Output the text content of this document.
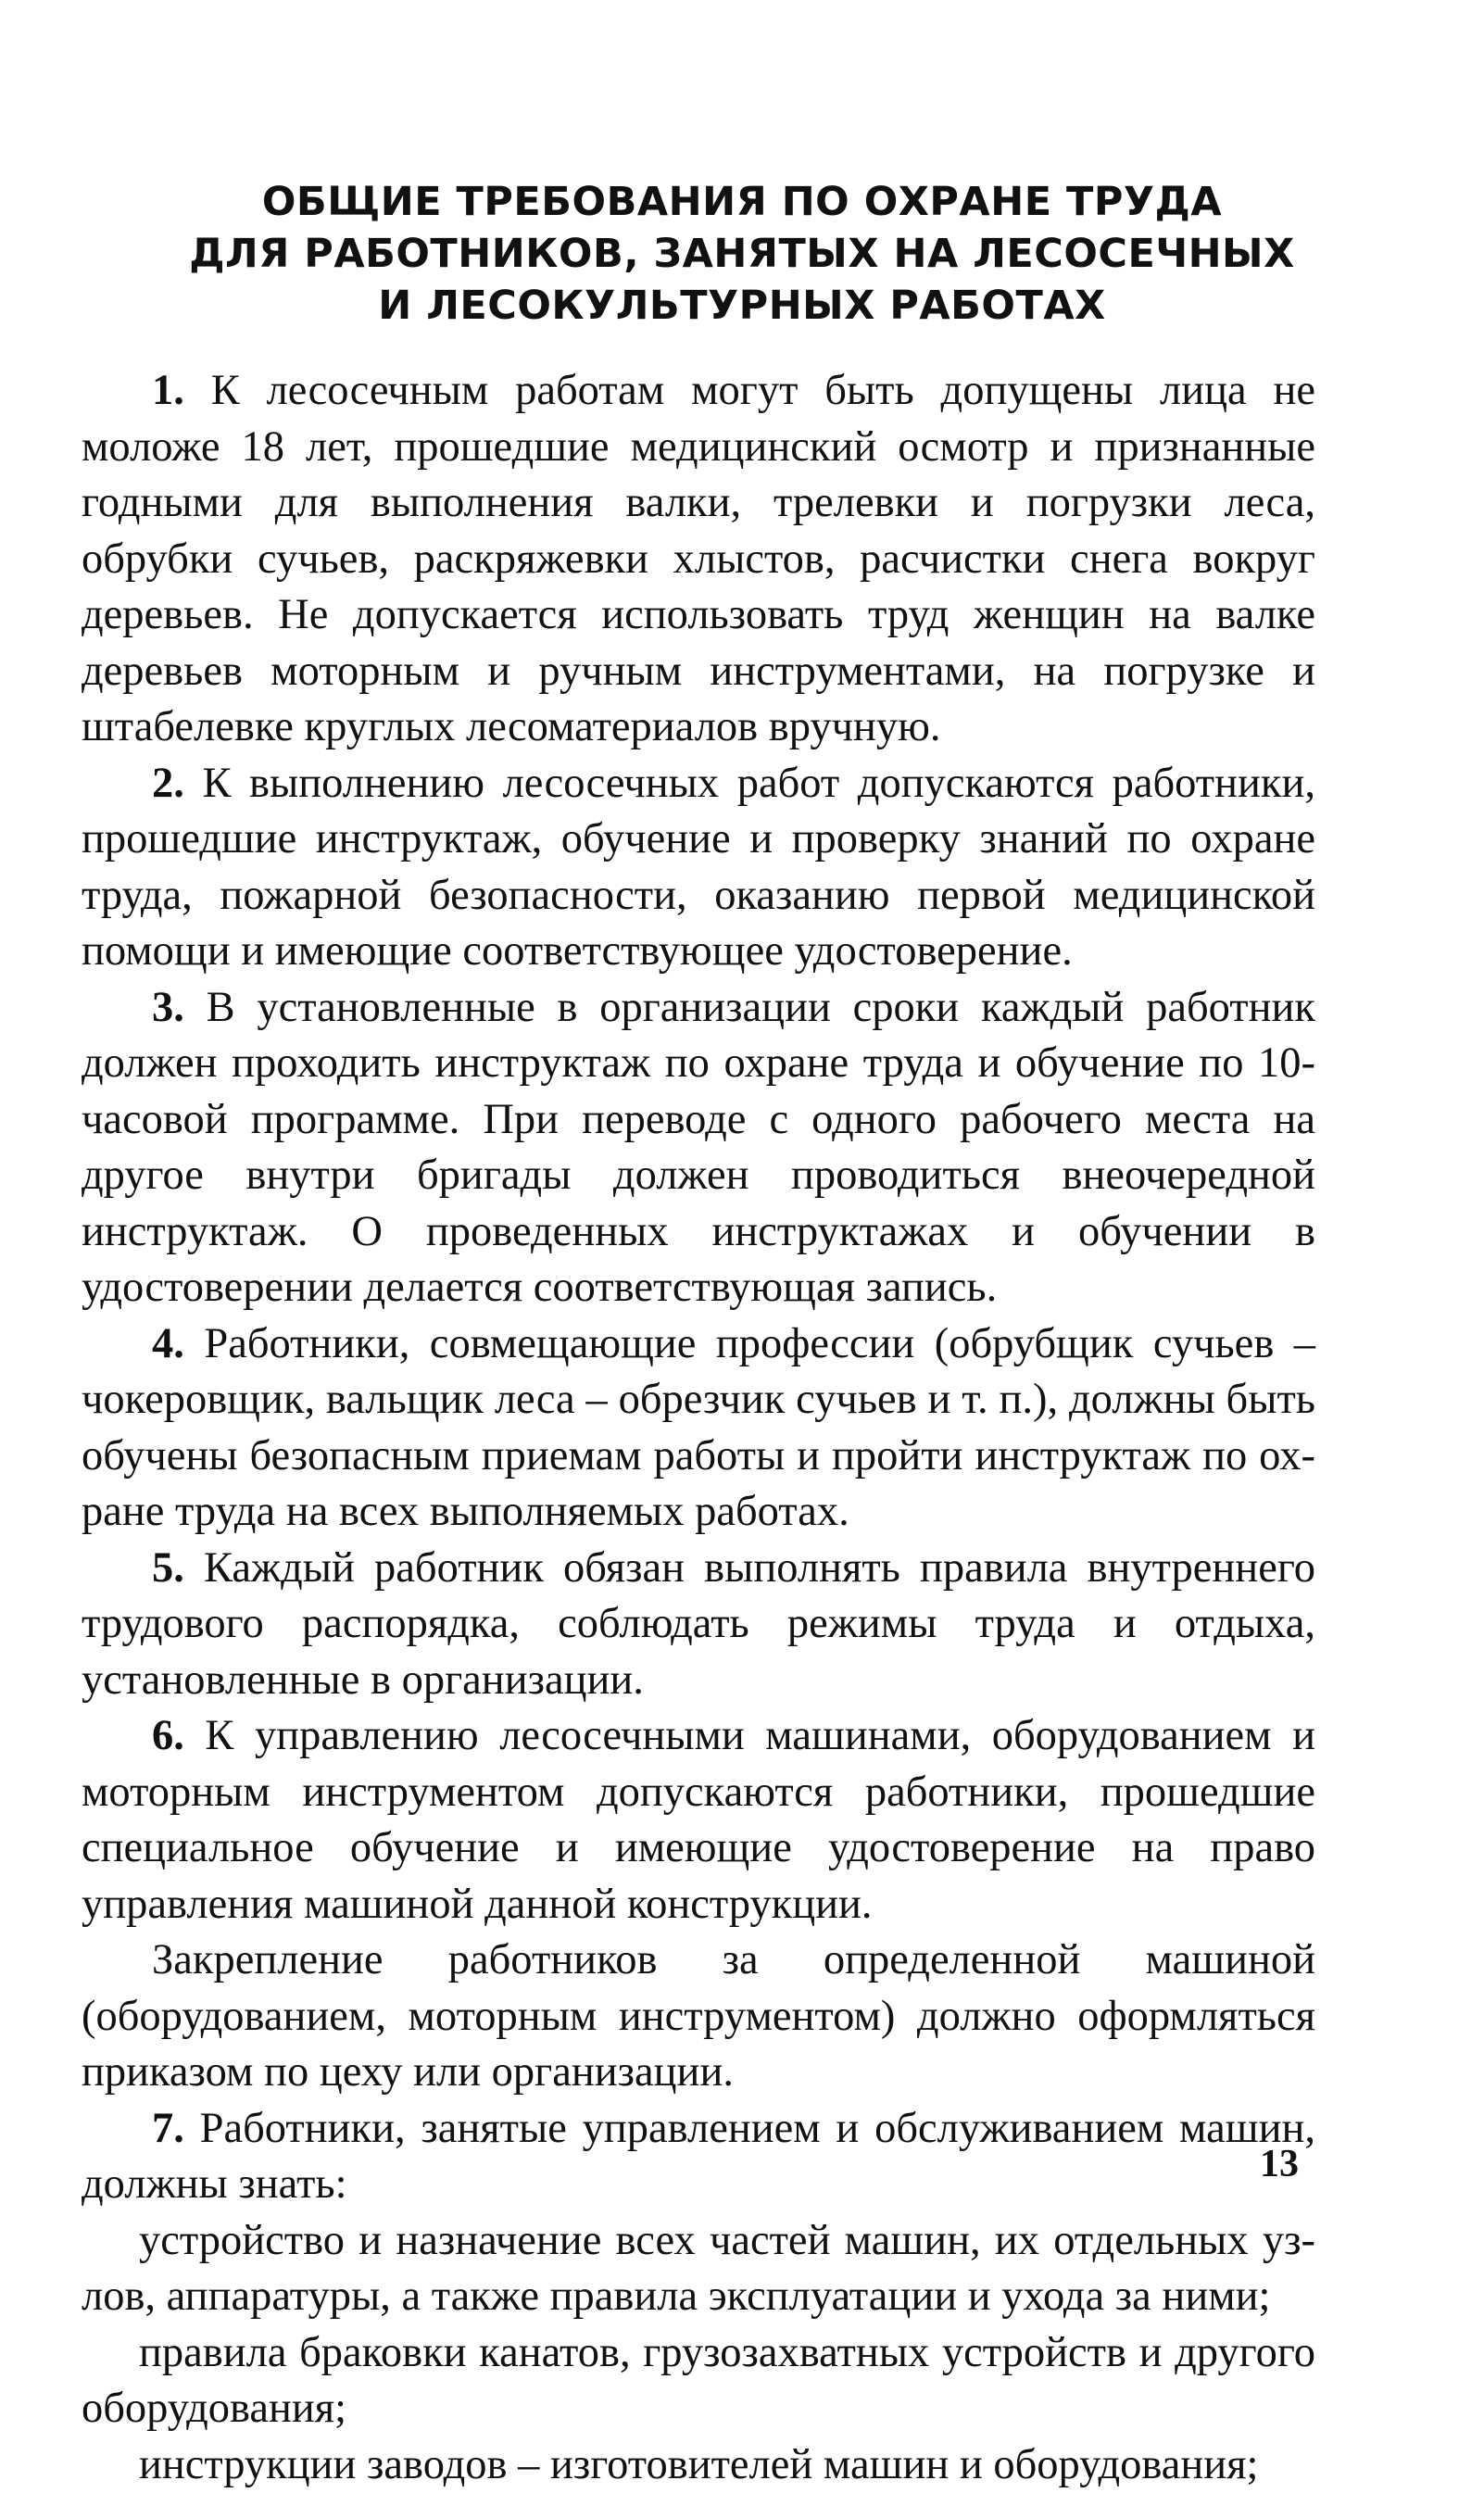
ОБЩИЕ ТРЕБОВАНИЯ ПО ОХРАНЕ ТРУДА
ДЛЯ РАБОТНИКОВ, ЗАНЯТЫХ НА ЛЕСОСЕЧНЫХ
И ЛЕСОКУЛЬТУРНЫХ РАБОТАХ

1. К лесосечным работам могут быть допущены лица не моложе 18 лет, прошедшие медицинский осмотр и признанные годными для выполнения валки, трелевки и погрузки леса, обрубки сучьев, раскряжевки хлыстов, расчистки снега вокруг деревьев. Не допускается использовать труд женщин на валке деревьев моторным и ручным инструментами, на погрузке и штабелевке круглых лесоматериалов вручную.

2. К выполнению лесосечных работ допускаются работники, прошедшие инструктаж, обучение и проверку знаний по охране труда, пожарной безопасности, оказанию первой медицинской помощи и имеющие соответствующее удостоверение.

3. В установленные в организации сроки каждый работник должен проходить инструктаж по охране труда и обучение по 10-часовой программе. При переводе с одного рабочего места на другое внутри бригады должен проводиться внеочередной инструктаж. О проведенных инструктажах и обучении в удостоверении делается соответствующая запись.

4. Работники, совмещающие профессии (обрубщик сучьев – чокеровщик, вальщик леса – обрезчик сучьев и т. п.), должны быть обучены безопасным приемам работы и пройти инструктаж по охране труда на всех выполняемых работах.

5. Каждый работник обязан выполнять правила внутреннего трудового распорядка, соблюдать режимы труда и отдыха, установленные в организации.

6. К управлению лесосечными машинами, оборудованием и моторным инструментом допускаются работники, прошедшие специальное обучение и имеющие удостоверение на право управления машиной данной конструкции.

Закрепление работников за определенной машиной (оборудованием, моторным инструментом) должно оформляться приказом по цеху или организации.

7. Работники, занятые управлением и обслуживанием машин, должны знать:

устройство и назначение всех частей машин, их отдельных узлов, аппаратуры, а также правила эксплуатации и ухода за ними;

правила браковки канатов, грузозахватных устройств и другого оборудования;

инструкции заводов – изготовителей машин и оборудования;

13
